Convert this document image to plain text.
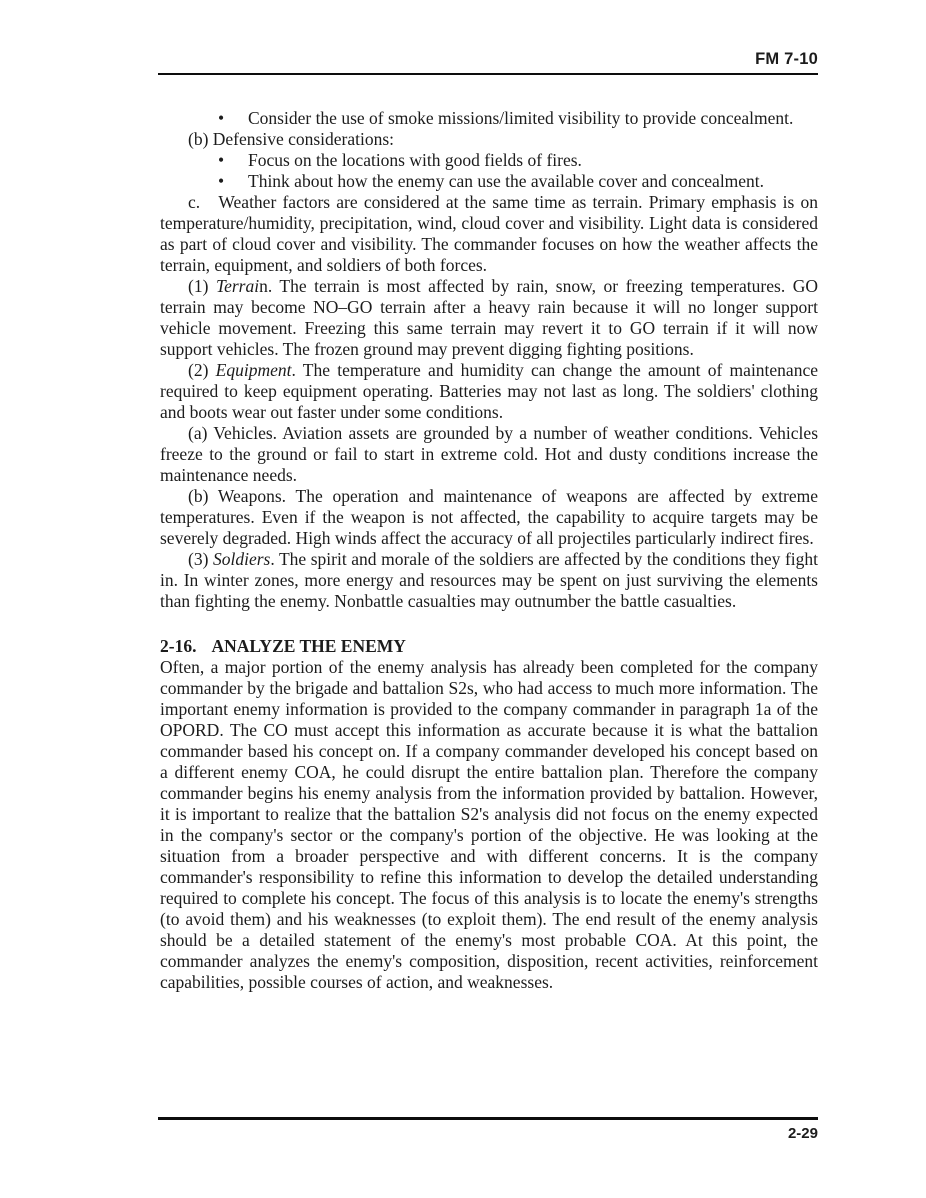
FM 7-10
•	Consider the use of smoke missions/limited visibility to provide concealment.

(b) Defensive considerations:

•	Focus on the locations with good fields of fires.
•	Think about how the enemy can use the available cover and concealment.

c.   Weather factors are considered at the same time as terrain. Primary emphasis is on temperature/humidity, precipitation, wind, cloud cover and visibility. Light data is considered as part of cloud cover and visibility. The commander focuses on how the weather affects the terrain, equipment, and soldiers of both forces.

(1) Terrain. The terrain is most affected by rain, snow, or freezing temperatures. GO terrain may become NO–GO terrain after a heavy rain because it will no longer support vehicle movement. Freezing this same terrain may revert it to GO terrain if it will now support vehicles. The frozen ground may prevent digging fighting positions.

(2) Equipment. The temperature and humidity can change the amount of maintenance required to keep equipment operating. Batteries may not last as long. The soldiers' clothing and boots wear out faster under some conditions.

(a) Vehicles. Aviation assets are grounded by a number of weather conditions. Vehicles freeze to the ground or fail to start in extreme cold. Hot and dusty conditions increase the maintenance needs.

(b) Weapons. The operation and maintenance of weapons are affected by extreme temperatures. Even if the weapon is not affected, the capability to acquire targets may be severely degraded. High winds affect the accuracy of all projectiles particularly indirect fires.

(3) Soldiers. The spirit and morale of the soldiers are affected by the conditions they fight in. In winter zones, more energy and resources may be spent on just surviving the elements than fighting the enemy. Nonbattle casualties may outnumber the battle casualties.

2-16. ANALYZE THE ENEMY

Often, a major portion of the enemy analysis has already been completed for the company commander by the brigade and battalion S2s, who had access to much more information. The important enemy information is provided to the company commander in paragraph 1a of the OPORD. The CO must accept this information as accurate because it is what the battalion commander based his concept on. If a company commander developed his concept based on a different enemy COA, he could disrupt the entire battalion plan. Therefore the company commander begins his enemy analysis from the information provided by battalion. However, it is important to realize that the battalion S2's analysis did not focus on the enemy expected in the company's sector or the company's portion of the objective. He was looking at the situation from a broader perspective and with different concerns. It is the company commander's responsibility to refine this information to develop the detailed understanding required to complete his concept. The focus of this analysis is to locate the enemy's strengths (to avoid them) and his weaknesses (to exploit them). The end result of the enemy analysis should be a detailed statement of the enemy's most probable COA. At this point, the commander analyzes the enemy's composition, disposition, recent activities, reinforcement capabilities, possible courses of action, and weaknesses.

2-29
